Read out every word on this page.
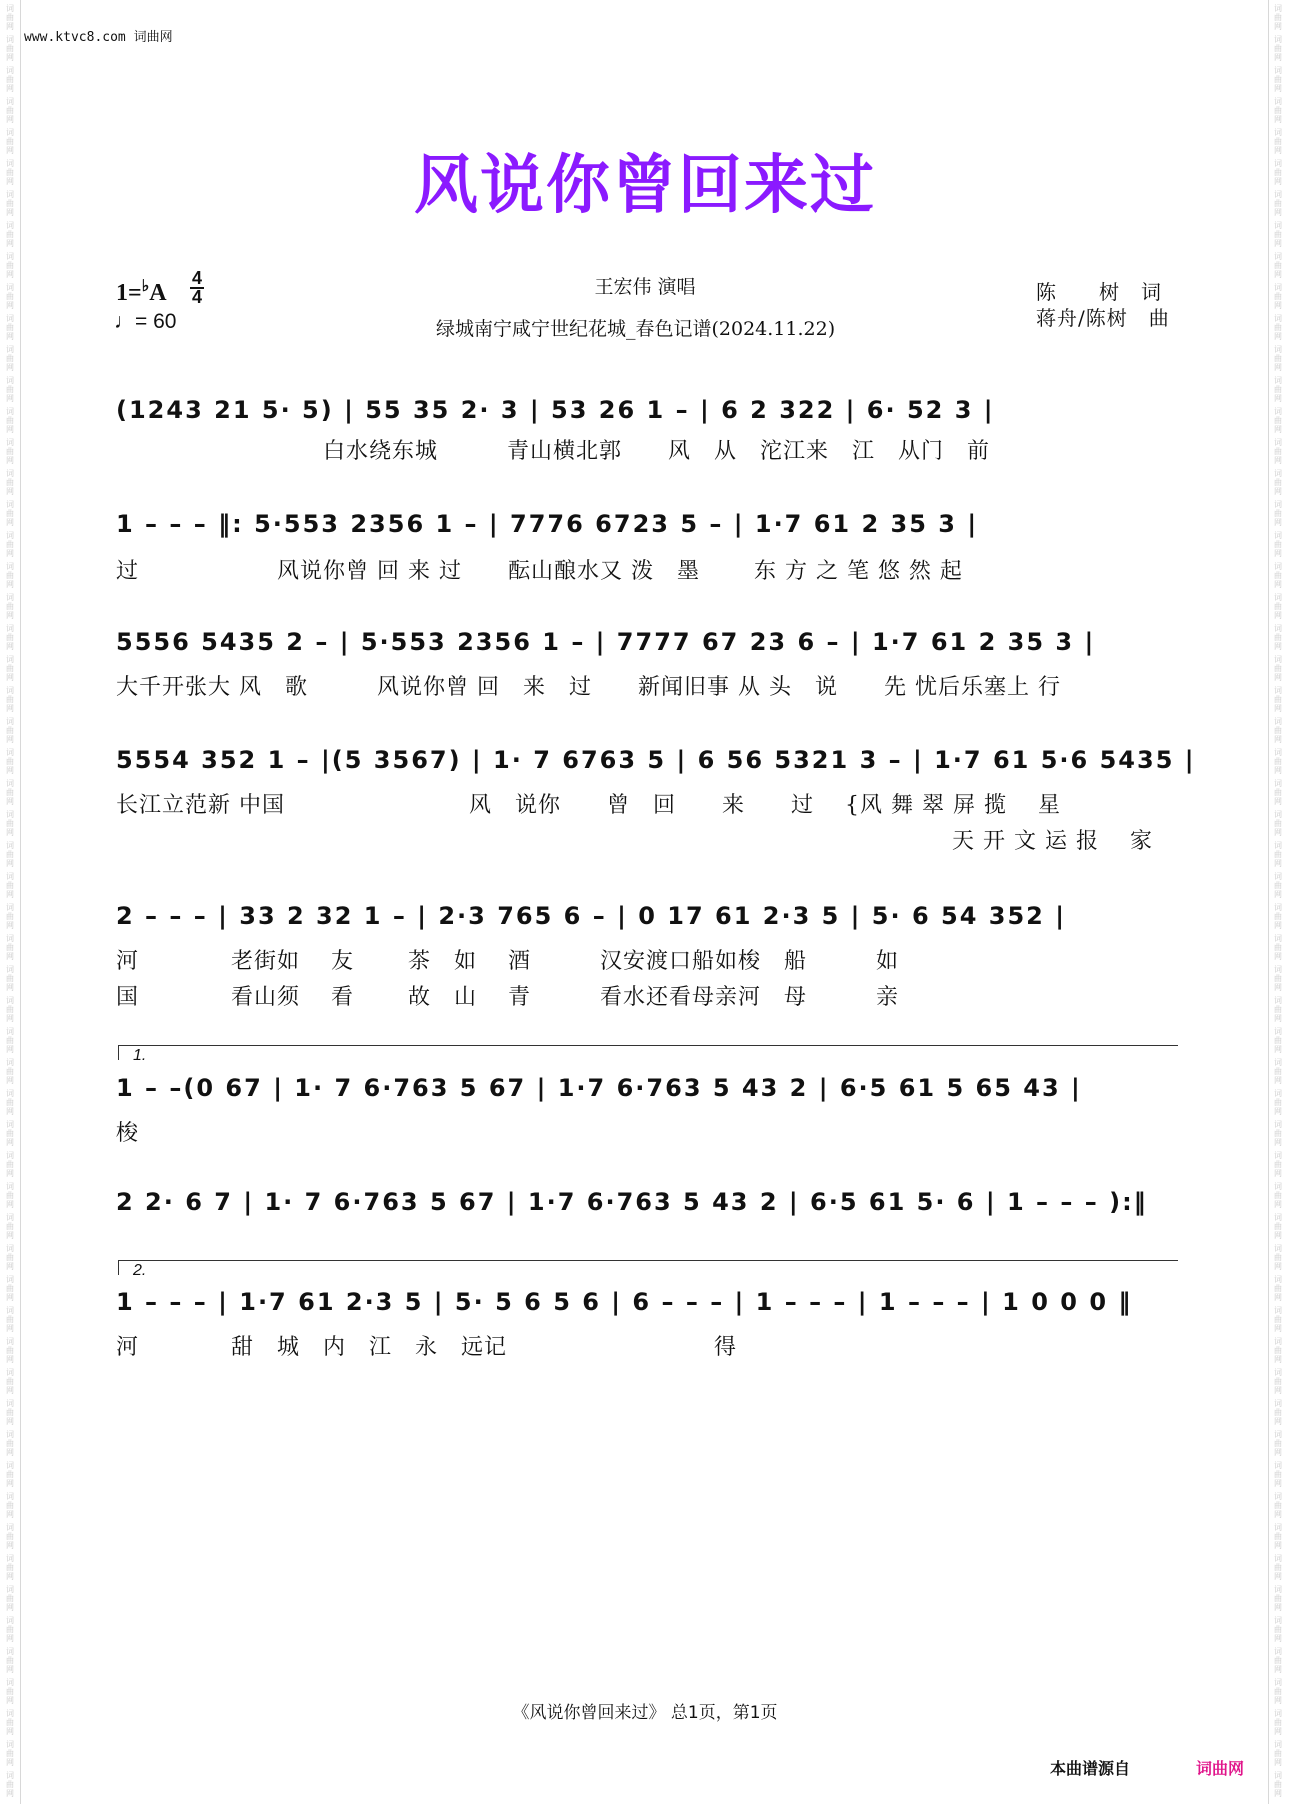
词曲网
词曲网
词曲网
词曲网
词曲网
词曲网
词曲网
词曲网
词曲网
词曲网
词曲网
词曲网
词曲网
词曲网
词曲网
词曲网
词曲网
词曲网
词曲网
词曲网
词曲网
词曲网
词曲网
词曲网
词曲网
词曲网
词曲网
词曲网
词曲网
词曲网
词曲网
词曲网
词曲网
词曲网
词曲网
词曲网
词曲网
词曲网
词曲网
词曲网
词曲网
词曲网
词曲网
词曲网
词曲网
词曲网
词曲网
词曲网
词曲网
词曲网
词曲网
词曲网
词曲网
词曲网
词曲网
词曲网
词曲网
词曲网
词曲网
词曲网
词曲网
词曲网
词曲网
词曲网
词曲网
词曲网
词曲网
词曲网
词曲网
词曲网
词曲网
词曲网
词曲网
词曲网
词曲网
词曲网
词曲网
词曲网
词曲网
词曲网
词曲网
词曲网
词曲网
词曲网
词曲网
词曲网
词曲网
词曲网
词曲网
词曲网
词曲网
词曲网
词曲网
词曲网
词曲网
词曲网
词曲网
词曲网
词曲网
词曲网
词曲网
词曲网
词曲网
词曲网
词曲网
词曲网
词曲网
词曲网
词曲网
词曲网
词曲网
词曲网
词曲网
词曲网
词曲网
词曲网
www.ktvc8.com 词曲网
风说你曾回来过
1=♭A
4
4
♩= 60
王宏伟 演唱
绿城南宁咸宁世纪花城_春色记谱(2024.11.22)
陈　　树　词
蒋舟/陈树　曲
(1243 21 5· 5) | 55 35 2· 3 | 53 26 1 – | 6 2 322 | 6· 52 3 |
　　　　　　　　　白水绕东城　　　青山横北郭　　风　从　沱江来　江　从门　前
1 – – – ‖: 5·553 2356 1 – | 7776 6723 5 – | 1·7 61 2 35 3 |
过　　　　　　风说你曾 回 来 过　　酝山酿水又 泼　墨　　 东 方 之 笔 悠 然 起
5556 5435 2 – | 5·553 2356 1 – | 7777 67 23 6 – | 1·7 61 2 35 3 |
大千开张大 风　歌　　　风说你曾 回　来　过　　新闻旧事 从 头　说　　先 忧后乐塞上 行
5554 352 1 – |(5 3567) | 1· 7 6763 5 | 6 56 5321 3 – | 1·7 61 5·6 5435 |
长江立范新 中国　　　　　　　　风　说你　　曾　回　　来　　过　 {风 舞 翠 屏 揽　 星
　　　　　　　　　　　　　　　　　　　　　　　　　　　　　　　　　　　　 天 开 文 运 报　 家
2 – – – | 33 2 32 1 – | 2·3 765 6 – | 0 17 61 2·3 5 | 5· 6 54 352 |
河　　　　老街如　 友　　 茶　如　 酒　　　汉安渡口船如梭　船　　　如
国　　　　看山须　 看　　 故　山　 青　　　看水还看母亲河　母　　　亲
1.
1 – –(0 67 | 1· 7 6·763 5 67 | 1·7 6·763 5 43 2 | 6·5 61 5 65 43 |
梭
2 2· 6 7 | 1· 7 6·763 5 67 | 1·7 6·763 5 43 2 | 6·5 61 5· 6 | 1 – – – ):‖
2.
1 – – – | 1·7 61 2·3 5 | 5· 5 6 5 6 | 6 – – – | 1 – – – | 1 – – – | 1 0 0 0 ‖
河　　　　甜　城　内　江　永　远记　　　　　　　　　得
《风说你曾回来过》 总1页，第1页
本曲谱源自	词曲网
